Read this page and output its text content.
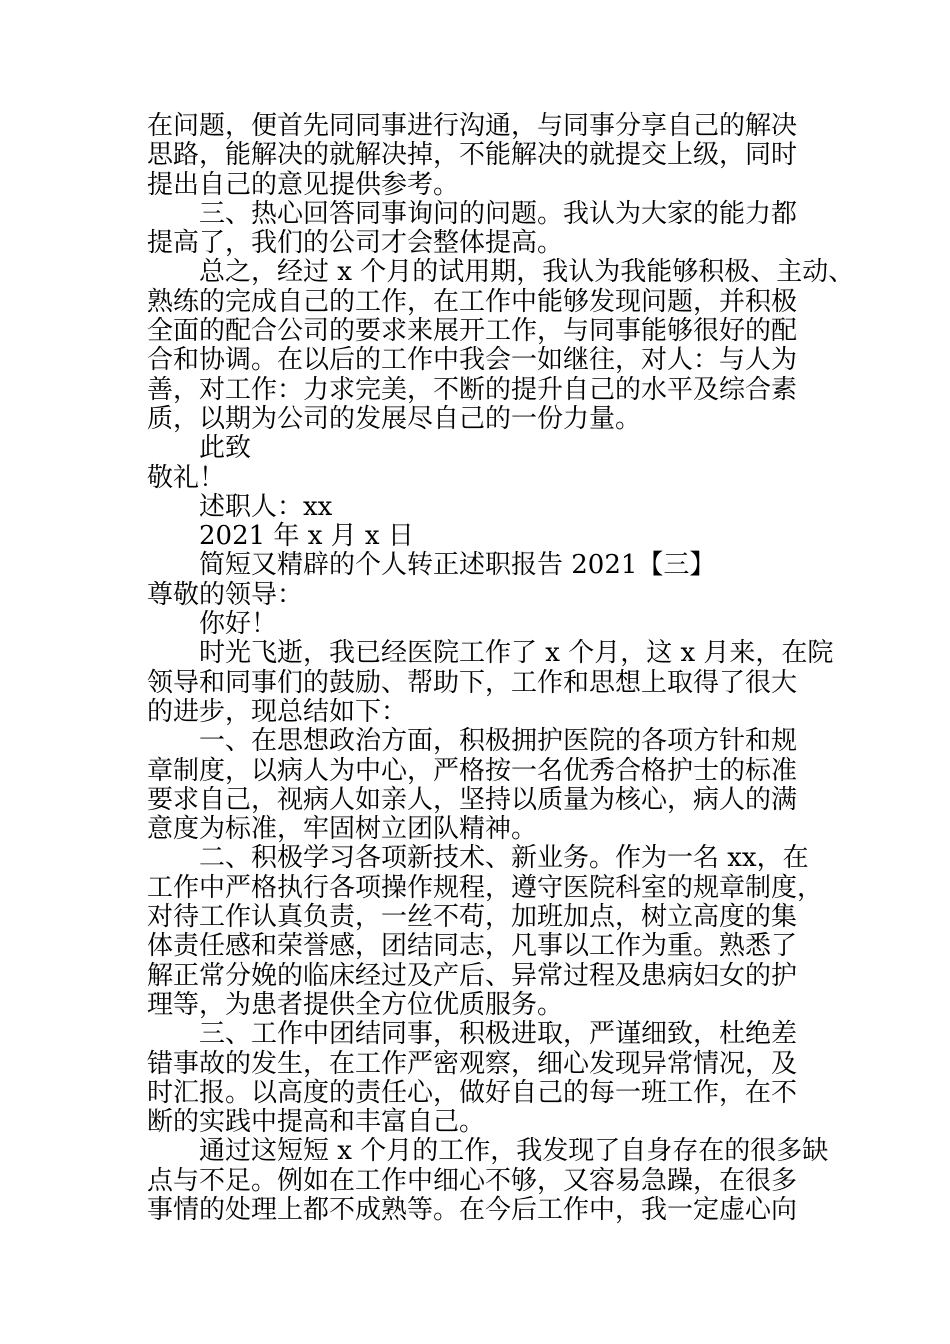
在问题，便首先同同事进行沟通，与同事分享自己的解决
思路，能解决的就解决掉，不能解决的就提交上级，同时
提出自己的意见提供参考。
三、热心回答同事询问的问题。我认为大家的能力都
提高了，我们的公司才会整体提高。
总之，经过 x 个月的试用期，我认为我能够积极、主动、
熟练的完成自己的工作，在工作中能够发现问题，并积极
全面的配合公司的要求来展开工作，与同事能够很好的配
合和协调。在以后的工作中我会一如继往，对人：与人为
善，对工作：力求完美，不断的提升自己的水平及综合素
质，以期为公司的发展尽自己的一份力量。
此致
敬礼！
述职人：xx
2021 年 x 月 x 日
简短又精辟的个人转正述职报告 2021【三】
尊敬的领导：
你好！
时光飞逝，我已经医院工作了 x 个月，这 x 月来，在院
领导和同事们的鼓励、帮助下，工作和思想上取得了很大
的进步，现总结如下：
一、在思想政治方面，积极拥护医院的各项方针和规
章制度，以病人为中心，严格按一名优秀合格护士的标准
要求自己，视病人如亲人，坚持以质量为核心，病人的满
意度为标准，牢固树立团队精神。
二、积极学习各项新技术、新业务。作为一名 xx，在
工作中严格执行各项操作规程，遵守医院科室的规章制度，
对待工作认真负责，一丝不苟，加班加点，树立高度的集
体责任感和荣誉感，团结同志，凡事以工作为重。熟悉了
解正常分娩的临床经过及产后、异常过程及患病妇女的护
理等，为患者提供全方位优质服务。
三、工作中团结同事，积极进取，严谨细致，杜绝差
错事故的发生，在工作严密观察，细心发现异常情况，及
时汇报。以高度的责任心，做好自己的每一班工作，在不
断的实践中提高和丰富自己。
通过这短短 x 个月的工作，我发现了自身存在的很多缺
点与不足。例如在工作中细心不够，又容易急躁，在很多
事情的处理上都不成熟等。在今后工作中，我一定虚心向
